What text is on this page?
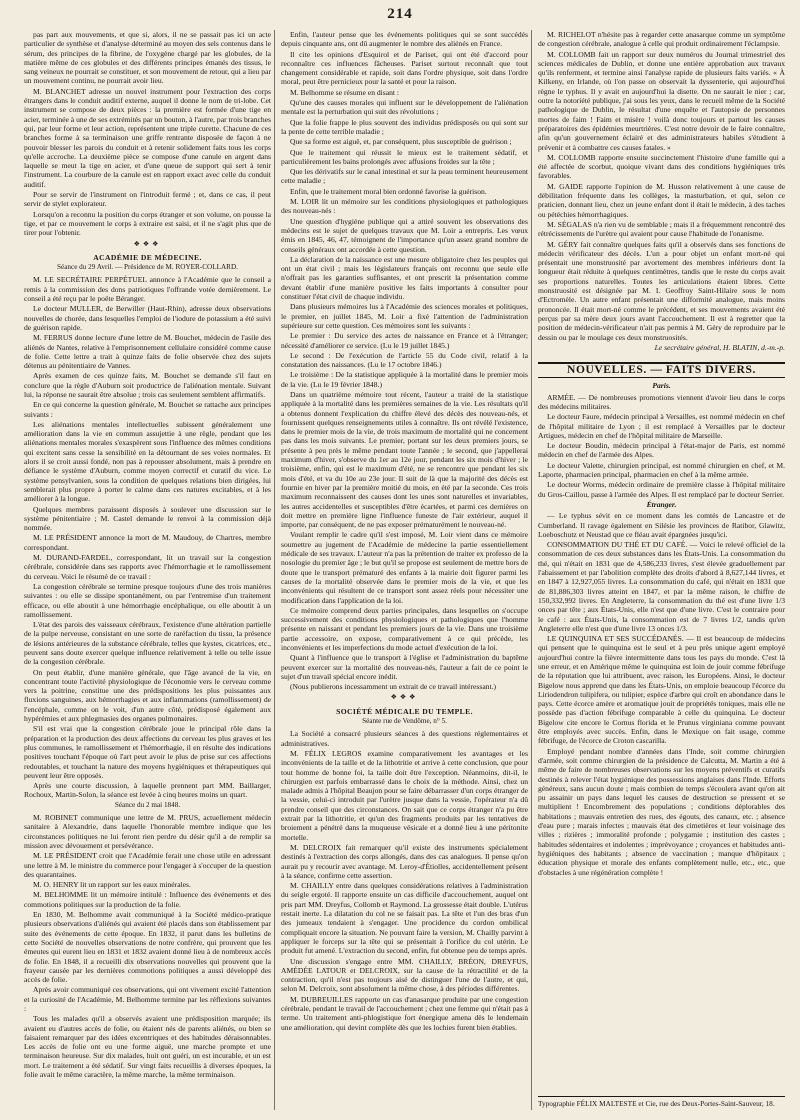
214

pas part aux mouvements, et que si, alors, il ne se passait pas ici un acte particulier de synthèse et d'analyse déterminé au moyen des sels contenus dans le sérum, des principes de la fibrine, de l'oxygène chargé par les globules, de la matière même de ces globules et des différents principes émanés des tissus, le sang veineux ne pourrait se constituer, et son mouvement de retour, qui a lieu par un mouvement continu, ne pourrait avoir lieu.

M. BLANCHET adresse un nouvel instrument pour l'extraction des corps étrangers dans le conduit auditif externe, auquel il donne le nom de tri-lobe. Cet instrument se compose de deux pièces : la première est formée d'une tige en acier, terminée à une de ses extrémités par un bouton, à l'autre, par trois branches qui, par leur forme et leur action, représentent une triple curette. Chacune de ces branches forme à sa terminaison une griffe rentrante disposée de façon à ne pouvoir blesser les parois du conduit et à retenir solidement faits tous les corps qu'elle accroche. La deuxième pièce se compose d'une canule en argent dans laquelle se meut la tige en acier, et d'une queue de support qui sert à tenir l'instrument. La courbure de la canule est en rapport exact avec celle du conduit auditif.

Pour se servir de l'instrument on l'introduit fermé ; et, dans ce cas, il peut servir de stylet explorateur.

Lorsqu'on a reconnu la position du corps étranger et son volume, on pousse la tige, et par ce mouvement le corps à extraire est saisi, et il ne s'agit plus que de tirer pour l'obtenir.

❖❖❖

ACADÉMIE DE MÉDECINE.

Séance du 29 Avril. — Présidence de M. ROYER-COLLARD.

M. LE SECRÉTAIRE PERPÉTUEL annonce à l'Académie que le conseil a remis à la commission des dons patriotiques l'offrande votée dernièrement. Le conseil a été reçu par le poëte Béranger.

Le docteur MULLER, de Berwiller (Haut-Rhin), adresse deux observations nouvelles de chorée, dans lesquelles l'emploi de l'iodure de potassium a été suivi de guérison rapide.

M. FERRUS donne lecture d'une lettre de M. Bouchet, médecin de l'asile des aliénés de Nantes, relative à l'emprisonnement cellulaire considéré comme cause de folie. Cette lettre a trait à quinze faits de folie observée chez des sujets détenus au pénitentiaire de Vannes.

Après examen de ces quinze faits, M. Bouchet se demande s'il faut en conclure que la règle d'Auburn soit productrice de l'aliénation mentale. Suivant lui, la réponse ne saurait être absolue ; trois cas seulement semblent affirmatifs.

En ce qui concerne la question générale, M. Bouchet se rattache aux principes suivants :

Les aliénations mentales intellectuelles subissent généralement une amélioration dans la vie en commun assujettie à une règle, pendant que les aliénations mentales morales s'exaspèrent sous l'influence des mêmes conditions qui excitent sans cesse la sensibilité en la détournant de ses voies normales. Et alors il se croit aussi fondé, non pas à repousser absolument, mais à prendre en défiance le système d'Auburn, comme moyen correctif et curatif du vice. Le système pensylvanien, sous la condition de quelques relations bien dirigées, lui semblerait plus propre à porter le calme dans ces natures excitables, et à les améliorer à la longue.

Quelques membres paraissent disposés à soulever une discussion sur le système pénitentiaire ; M. Castel demande le renvoi à la commission déjà nommée.

M. LE PRÉSIDENT annonce la mort de M. Maudouy, de Chartres, membre correspondant.

M. DURAND-FARDEL, correspondant, lit un travail sur la congestion cérébrale, considérée dans ses rapports avec l'hémorrhagie et le ramollissement du cerveau. Voici le résumé de ce travail :

La congestion cérébrale se termine presque toujours d'une des trois manières suivantes : ou elle se dissipe spontanément, ou par l'entremise d'un traitement efficace, ou elle aboutit à une hémorrhagie encéphalique, ou elle aboutit à un ramollissement.

L'état des parois des vaisseaux cérébraux, l'existence d'une altération partielle de la pulpe nerveuse, consistant en une sorte de raréfaction du tissu, la présence de lésions antérieures de la substance cérébrale, telles que kystes, cicatrices, etc., peuvent sans doute exercer quelque influence relativement à telle ou telle issue de la congestion cérébrale.

On peut établir, d'une manière générale, que l'âge avancé de la vie, en concentrant toute l'activité physiologique de l'économie vers le cerveau comme vers la poitrine, constitue une des prédispositions les plus puissantes aux fluxions sanguines, aux hémorrhagies et aux inflammations (ramollissement) de l'encéphale, comme on le voit, d'un autre côté, prédisposé également aux hypérémies et aux phlegmasies des organes pulmonaires.

S'il est vrai que la congestion cérébrale joue le principal rôle dans la préparation et la production des deux affections du cerveau les plus graves et les plus communes, le ramollissement et l'hémorrhagie, il en résulte des indications positives touchant l'époque où l'art peut avoir le plus de prise sur ces affections redoutables, et touchant la nature des moyens hygiéniques et thérapeutiques qui peuvent leur être opposés.

Après une courte discussion, à laquelle prennent part MM. Baillarger, Rochoux, Martin-Solon, la séance est levée à cinq heures moins un quart.

Séance du 2 mai 1848.

M. ROBINET communique une lettre de M. PRUS, actuellement médecin sanitaire à Alexandrie, dans laquelle l'honorable membre indique que les circonstances politiques ne lui feront rien perdre du désir qu'il a de remplir sa mission avec dévouement et persévérance.

M. LE PRÉSIDENT croit que l'Académie ferait une chose utile en adressant une lettre à M. le ministre du commerce pour l'engager à s'occuper de la question des quarantaines.

M. O. HENRY lit un rapport sur les eaux minérales.

M. BELHOMME lit un mémoire intitulé : Influence des événements et des commotions politiques sur la production de la folie.

En 1830, M. Belhomme avait communiqué à la Société médico-pratique plusieurs observations d'aliénés qui avaient été placés dans son établissement par suite des événements de cette époque. En 1832, il parut dans les bulletins de cette Société de nouvelles observations de notre confrère, qui prouvent que les émeutes qui eurent lieu en 1831 et 1832 avaient donné lieu à de nombreux accès de folie. En 1848, il a recueilli dix observations nouvelles qui prouvent que la frayeur causée par les dernières commotions politiques a aussi développé des accès de folie.

Après avoir communiqué ces observations, qui ont vivement excité l'attention et la curiosité de l'Académie, M. Belhomme termine par les réflexions suivantes :

Tous les malades qu'il a observés avaient une prédisposition marquée; ils avaient eu d'autres accès de folie, ou étaient nés de parents aliénés, ou bien se faisaient remarquer par des idées excentriques et des habitudes déraisonnables. Les accès de folie ont eu une forme aiguë, une marche prompte et une terminaison heureuse. Sur dix malades, huit ont guéri, un est incurable, et un est mort. Le traitement a été sédatif. Sur vingt faits recueillis à diverses époques, la folie avait le même caractère, la même marche, la même terminaison.

Enfin, l'auteur pense que les événements politiques qui se sont succédés depuis cinquante ans, ont dû augmenter le nombre des aliénés en France.

Il cite les opinions d'Esquirol et de Pariset, qui ont été d'accord pour reconnaître ces influences fâcheuses. Pariset surtout reconnaît que tout changement considérable et rapide, soit dans l'ordre physique, soit dans l'ordre moral, peut être pernicieux pour la santé et pour la raison.

M. Belhomme se résume en disant :

Qu'une des causes morales qui influent sur le développement de l'aliénation mentale est la perturbation qui suit des révolutions ;

Que la folie frappe le plus souvent des individus prédisposés ou qui sont sur la pente de cette terrible maladie ;

Que sa forme est aiguë, et, par conséquent, plus susceptible de guérison ;

Que le traitement qui réussit le mieux est le traitement sédatif, et particulièrement les bains prolongés avec affusions froides sur la tête ;

Que les dérivatifs sur le canal intestinal et sur la peau terminent heureusement cette maladie ;

Enfin, que le traitement moral bien ordonné favorise la guérison.

M. LOIR lit un mémoire sur les conditions physiologiques et pathologiques des nouveau-nés :

Une question d'hygiène publique qui a attiré souvent les observations des médecins est le sujet de quelques travaux que M. Loir a entrepris. Les vœux émis en 1845, 46, 47, témoignent de l'importance qu'un assez grand nombre de conseils généraux ont accordée à cette question.

La déclaration de la naissance est une mesure obligatoire chez les peuples qui ont un état civil ; mais les législateurs français ont reconnu que seule elle n'offrait pas les garanties suffisantes, et ont prescrit la présentation comme devant établir d'une manière positive les faits importants à consulter pour constituer l'état civil de chaque individu.

Dans plusieurs mémoires lus à l'Académie des sciences morales et politiques, le premier, en juillet 1845, M. Loir a fixé l'attention de l'administration supérieure sur cette question. Ces mémoires sont les suivants :

Le premier : Du service des actes de naissance en France et à l'étranger; nécessité d'améliorer ce service. (Lu le 19 juillet 1845.)

Le second : De l'exécution de l'article 55 du Code civil, relatif à la constatation des naissances. (Lu le 17 octobre 1846.)

Le troisième : De la statistique appliquée à la mortalité dans le premier mois de la vie. (Lu le 19 février 1848.)

Dans un quatrième mémoire tout récent, l'auteur a traité de la statistique appliquée à la mortalité dans les premières semaines de la vie. Les résultats qu'il a obtenus donnent l'explication du chiffre élevé des décès des nouveau-nés, et fournissent quelques renseignements utiles à connaître. Ils ont révélé l'existence, dans le premier mois de la vie, de trois maximum de mortalité qui ne concernent pas dans les mois suivants. Le premier, portant sur les deux premiers jours, se présente à peu près le même pendant toute l'année ; le second, que j'appellerai maximum d'hiver, s'observe du 1er au 12e jour, pendant les six mois d'hiver ; le troisième, enfin, qui est le maximum d'été, ne se rencontre que pendant les six mois d'été, et va du 10e au 23e jour. Il suit de là que la majorité des décès est fournie en hiver par la première moitié du mois, en été par la seconde. Ces trois maximum reconnaissent des causes dont les unes sont naturelles et invariables, les autres accidentelles et susceptibles d'être écartées, et parmi ces dernières on doit mettre en première ligne l'influence funeste de l'air extérieur, auquel il importe, par conséquent, de ne pas exposer prématurément le nouveau-né.

Voulant remplir le cadre qu'il s'est imposé, M. Loir vient dans ce mémoire soumettre au jugement de l'Académie de médecine la partie essentiellement médicale de ses travaux. L'auteur n'a pas la prétention de traiter ex professo de la nosologie du premier âge ; le but qu'il se propose est seulement de mettre hors de doute que le transport prématuré des enfants à la mairie doit figurer parmi les causes de la mortalité observée dans le premier mois de la vie, et que les inconvénients qui résultent de ce transport sont assez réels pour nécessiter une modification dans l'application de la loi.

Ce mémoire comprend deux parties principales, dans lesquelles on s'occupe successivement des conditions physiologiques et pathologiques que l'homme présente en naissant et pendant les premiers jours de la vie. Dans une troisième partie accessoire, on expose, comparativement à ce qui précède, les inconvénients et les imperfections du mode actuel d'exécution de la loi.

Quant à l'influence que le transport à l'église et l'administration du baptême peuvent exercer sur la mortalité des nouveau-nés, l'auteur a fait de ce point le sujet d'un travail spécial encore inédit.

(Nous publierons incessamment un extrait de ce travail intéressant.)

❖❖❖

SOCIÉTÉ MÉDICALE DU TEMPLE.

Séante rue de Vendôme, n° 5.

La Société a consacré plusieurs séances à des questions réglementaires et administratives.

M. FÉLIX LEGROS examine comparativement les avantages et les inconvénients de la taille et de la lithotritie et arrive à cette conclusion, que pour tout homme de bonne foi, la taille doit être l'exception. Néanmoins, dit-il, le chirurgien est parfois embarrassé dans le choix de la méthode. Ainsi, chez un malade admis à l'hôpital Beaujon pour se faire débarrasser d'un corps étranger de la vessie, celui-ci introduit par l'urètre jusque dans la vessie, l'opérateur n'a dû prendre conseil que des circonstances. On sait que ce corps étranger n'a pu être extrait par la lithotritie, et qu'un des fragments produits par les tentatives de broiement a pénétré dans la muqueuse vésicale et a donné lieu à une péritonite mortelle.

M. DELCROIX fait remarquer qu'il existe des instruments spécialement destinés à l'extraction des corps allongés, dans des cas analogues. Il pense qu'on aurait pu y recourir avec avantage. M. Leroy-d'Étiolles, accidentellement présent à la séance, confirme cette assertion.

M. CHAILLY entre dans quelques considérations relatives à l'administration du seigle ergoté. Il rapporte ensuite un cas difficile d'accouchement, auquel ont pris part MM. Dreyfus, Collomb et Raymond. La grossesse était double. L'utérus restait inerte. La dilatation du col ne se faisait pas. La tête et l'un des bras d'un des jumeaux tendaient à s'engager. Une procidence du cordon ombilical compliquait encore la situation. Ne pouvant faire la version, M. Chailly parvint à appliquer le forceps sur la tête qui se présentait à l'orifice du col utérin. Le produit fut amené. L'extraction du second, enfin, fut obtenue peu de temps après.

Une discussion s'engage entre MM. CHAILLY, BRÉON, DREYFUS, AMÉDÉE LATOUR et DELCROIX, sur la cause de la rétractilité et de la contraction, qu'il n'est pas toujours aisé de distinguer l'une de l'autre, et qui, selon M. Delcroix, sont absolument la même chose, à des périodes différentes.

M. DUBREUILLES rapporte un cas d'anasarque produite par une congestion cérébrale, pendant le travail de l'accouchement ; chez une femme qui n'était pas à terme. Un traitement anti-phlogistique fort énergique amena dès le lendemain une amélioration, qui devint complète dès que les lochies furent bien établies.

M. RICHELOT n'hésite pas à regarder cette anasarque comme un symptôme de congestion cérébrale, analogue à celle qui produit ordinairement l'éclampsie.

M. COLLOMB fait un rapport sur deux numéros du Journal trimestriel des sciences médicales de Dublin, et donne une entière approbation aux travaux qu'ils renferment, et termine ainsi l'analyse rapide de plusieurs faits variés. « À Kilkeny, en Irlande, où l'on passe on observait la dyssenterie, qui aujourd'hui règne le typhus. Il y avait en aujourd'hui la disette. On ne saurait le nier ; car, outre la notoriété publique, j'ai sous les yeux, dans le recueil même de la Société pathologique de Dublin, le résultat d'une enquête et l'autopsie de personnes mortes de faim ! Faim et misère ! voilà donc toujours et partout les causes préparatoires des épidémies meurtrières. C'est notre devoir de le faire connaître, afin qu'un gouvernement éclairé et des administrateurs habiles s'étudient à prévenir et à combattre ces causes fatales. »

M. COLLOMB rapporte ensuite succinctement l'histoire d'une famille qui a été affectée de scorbut, quoique vivant dans des conditions hygiéniques très favorables.

M. GAIDE rapporte l'opinion de M. Husson relativement à une cause de débilitation fréquente dans les collèges, la masturbation, et qui, selon ce praticien, donnant lieu, chez un jeune enfant dont il était le médecin, à des taches ou pétéchies hémorrhagiques.

M. SÉGALAS n'a rien vu de semblable ; mais il a fréquemment rencontré des rétrécissements de l'urètre qui avaient pour cause l'habitude de l'onanisme.

M. GÉRY fait connaître quelques faits qu'il a observés dans ses fonctions de médecin vérificateur des décès. L'un a pour objet un enfant mort-né qui présentait une monstruosité par avortement des membres inférieurs dont la longueur était réduite à quelques centimètres, tandis que le reste du corps avait ses proportions naturelles. Toutes les articulations étaient libres. Cette monstruosité est désignée par M. I. Geoffroy Saint-Hilaire sous le nom d'Ectromèle. Un autre enfant présentait une difformité analogue, mais moins prononcée. Il était mort-né comme le précédent, et ses mouvements avaient été perçus par sa mère deux jours avant l'accouchement. Il est à regretter que la position de médecin-vérificateur n'ait pas permis à M. Géry de reproduire par le dessin ou par le moulage ces deux monstruosités.

Le secrétaire général, H. BLATIN, d.-m.-p.

NOUVELLES. — FAITS DIVERS.
Paris.

ARMÉE. — De nombreuses promotions viennent d'avoir lieu dans le corps des médecins militaires.

Le docteur Faure, médecin principal à Versailles, est nommé médecin en chef de l'hôpital militaire de Lyon ; il est remplacé à Versailles par le docteur Artigues, médecin en chef de l'hôpital militaire de Marseille.

Le docteur Boudin, médecin principal à l'état-major de Paris, est nommé médecin en chef de l'armée des Alpes.

Le docteur Valette, chirurgien principal, est nommé chirurgien en chef, et M. Laporte, pharmacien principal, pharmacien en chef à la même armée.

Le docteur Worms, médecin ordinaire de première classe à l'hôpital militaire du Gros-Caillou, passe à l'armée des Alpes. Il est remplacé par le docteur Serrier.

Étranger.

— Le typhus sévit en ce moment dans les comtés de Lancastre et de Cumberland. Il ravage également en Silésie les provinces de Ratibor, Glawitz, Loeboschutz et Neustad que ce fléau avait épargnées jusqu'ici.

CONSOMMATION DU THÉ ET DU CAFÉ. — Voici le relevé officiel de la consommation de ces deux substances dans les États-Unis. La consommation du thé, qui n'était en 1831 que de 4,586,233 livres, s'est élevée graduellement par l'abaissement et par l'abolition complète des droits d'abord à 8,627,144 livres, et en 1847 à 12,927,055 livres. La consommation du café, qui n'était en 1831 que de 81,886,303 livres atteint en 1847, et par la même raison, le chiffre de 150,332,992 livres. En Angleterre, la consommation du thé est d'une livre 1/3 onces par tête ; aux États-Unis, elle n'est que d'une livre. C'est le contraire pour le café : aux États-Unis, la consommation est de 7 livres 1/2, tandis qu'en Angleterre elle n'est que d'une livre 13 onces 1/3.

LE QUINQUINA ET SES SUCCÉDANÉS. — Il est beaucoup de médecins qui pensent que le quinquina est le seul et à peu près unique agent employé aujourd'hui contre la fièvre intermittente dans tous les pays du monde. C'est là une erreur, et en Amérique même le quinquina est loin de jouir comme fébrifuge de la réputation que lui attribuent, avec raison, les Européens. Ainsi, le docteur Bigelow nous apprend que dans les États-Unis, on emploie beaucoup l'écorce du Liriodendron tulipifera, ou tulipier, espèce d'arbre qui croît en abondance dans le pays. Cette écorce amère et aromatique jouit de propriétés toniques, mais elle ne possède pas d'action fébrifuge comparable à celle du quinquina. Le docteur Bigelow cite encore le Cornus florida et le Prunus virginiana comme pouvant être employés avec succès. Enfin, dans le Mexique on fait usage, comme fébrifuge, de l'écorce de Croton cascarilla.

Employé pendant nombre d'années dans l'Inde, soit comme chirurgien d'armée, soit comme chirurgien de la présidence de Calcutta, M. Martin a été à même de faire de nombreuses observations sur les moyens préventifs et curatifs destinés à relever l'état hygiénique des possessions anglaises dans l'Inde. Efforts généreux, sans aucun doute ; mais combien de temps s'écoulera avant qu'on ait pu assainir un pays dans lequel les causes de destruction se pressent et se multiplient ! Encombrement des populations ; conditions déplorables des habitations ; mauvais entretien des rues, des égouts, des canaux, etc. ; absence d'eau pure ; marais infectes ; mauvais état des cimetières et leur voisinage des villes ; rizières ; immoralité profonde ; polygamie ; institution des castes ; habitudes sédentaires et indolentes ; imprévoyance ; croyances et habitudes anti-hygiéniques des habitants ; absence de vaccination ; manque d'hôpitaux ; éducation physique et morale des enfants complètement nulle, etc., etc., que d'obstacles à une régénération complète !

Typographie FÉLIX MALTESTE et Cie, rue des Deux-Portes-Saint-Sauveur, 18.
